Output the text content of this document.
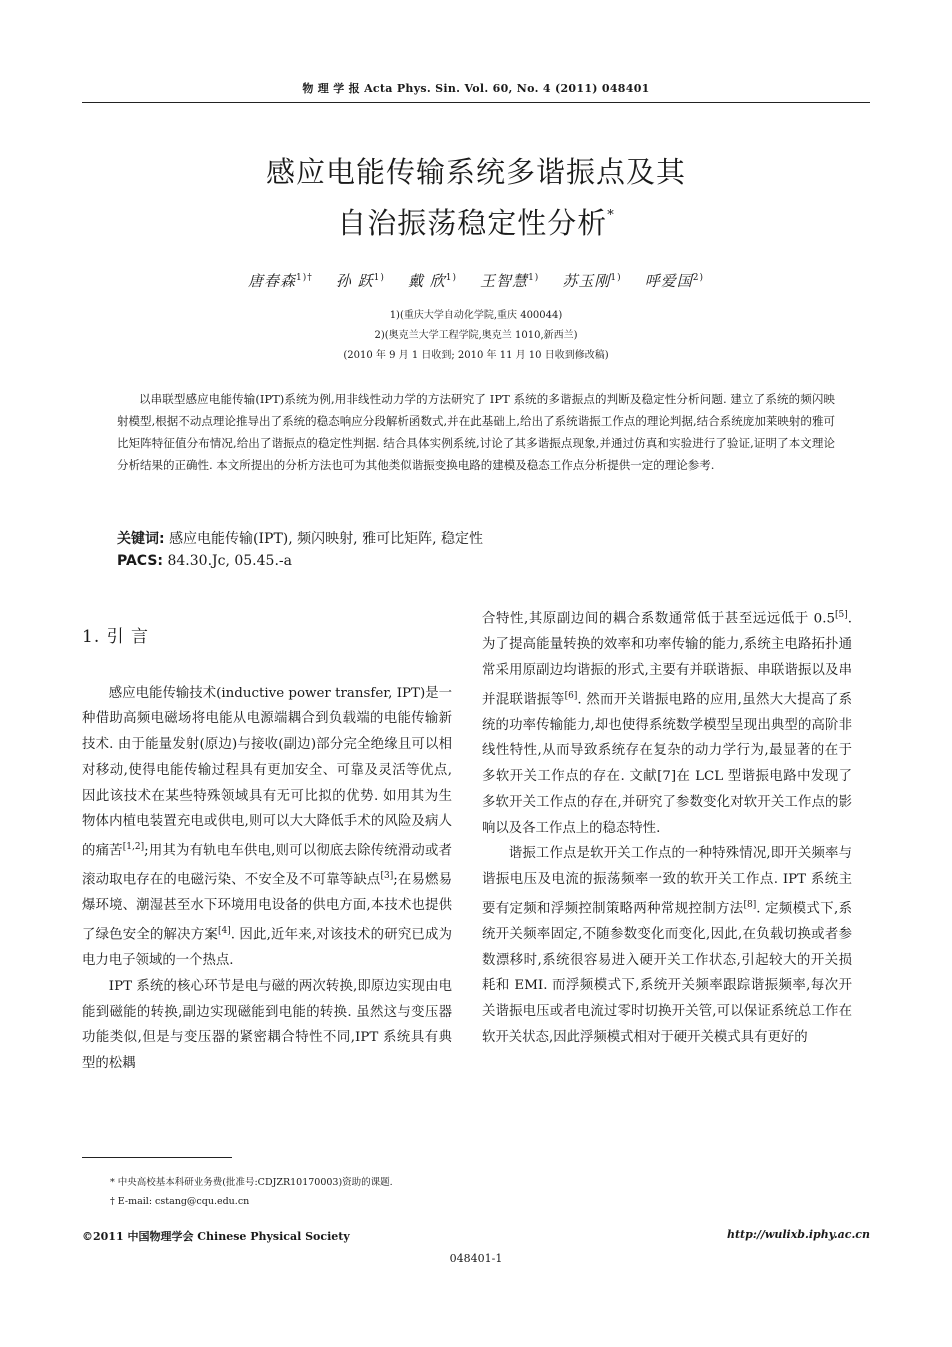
物 理 学 报 Acta Phys. Sin. Vol. 60, No. 4 (2011) 048401
感应电能传输系统多谐振点及其
自治振荡稳定性分析*
唐春森$^{1)\dagger}$ 孙 跃$^{1)}$ 戴 欣$^{1)}$ 王智慧$^{1)}$ 苏玉刚$^{1)}$ 呼爱国$^{2)}$
1)(重庆大学自动化学院,重庆 400044)
2)(奥克兰大学工程学院,奥克兰 1010,新西兰)
(2010 年 9 月 1 日收到; 2010 年 11 月 10 日收到修改稿)
以串联型感应电能传输(IPT)系统为例,用非线性动力学的方法研究了 IPT 系统的多谐振点的判断及稳定性分析问题. 建立了系统的频闪映射模型,根据不动点理论推导出了系统的稳态响应分段解析函数式,并在此基础上,给出了系统谐振工作点的理论判据,结合系统庞加莱映射的雅可比矩阵特征值分布情况,给出了谐振点的稳定性判据. 结合具体实例系统,讨论了其多谐振点现象,并通过仿真和实验进行了验证,证明了本文理论分析结果的正确性. 本文所提出的分析方法也可为其他类似谐振变换电路的建模及稳态工作点分析提供一定的理论参考.
关键词: 感应电能传输(IPT), 频闪映射, 雅可比矩阵, 稳定性
PACS: 84.30.Jc, 05.45.-a
1. 引 言

感应电能传输技术(inductive power transfer, IPT)是一种借助高频电磁场将电能从电源端耦合到负载端的电能传输新技术. 由于能量发射(原边)与接收(副边)部分完全绝缘且可以相对移动,使得电能传输过程具有更加安全、可靠及灵活等优点,因此该技术在某些特殊领域具有无可比拟的优势. 如用其为生物体内植电装置充电或供电,则可以大大降低手术的风险及病人的痛苦[1,2];用其为有轨电车供电,则可以彻底去除传统滑动或者滚动取电存在的电磁污染、不安全及不可靠等缺点[3];在易燃易爆环境、潮湿甚至水下环境用电设备的供电方面,本技术也提供了绿色安全的解决方案[4]. 因此,近年来,对该技术的研究已成为电力电子领域的一个热点.

IPT 系统的核心环节是电与磁的两次转换,即原边实现由电能到磁能的转换,副边实现磁能到电能的转换. 虽然这与变压器功能类似,但是与变压器的紧密耦合特性不同,IPT 系统具有典型的松耦

合特性,其原副边间的耦合系数通常低于甚至远远低于 0.5[5]. 为了提高能量转换的效率和功率传输的能力,系统主电路拓扑通常采用原副边均谐振的形式,主要有并联谐振、串联谐振以及串并混联谐振等[6]. 然而开关谐振电路的应用,虽然大大提高了系统的功率传输能力,却也使得系统数学模型呈现出典型的高阶非线性特性,从而导致系统存在复杂的动力学行为,最显著的在于多软开关工作点的存在. 文献[7]在 LCL 型谐振电路中发现了多软开关工作点的存在,并研究了参数变化对软开关工作点的影响以及各工作点上的稳态特性.

谐振工作点是软开关工作点的一种特殊情况,即开关频率与谐振电压及电流的振荡频率一致的软开关工作点. IPT 系统主要有定频和浮频控制策略两种常规控制方法[8]. 定频模式下,系统开关频率固定,不随参数变化而变化,因此,在负载切换或者参数漂移时,系统很容易进入硬开关工作状态,引起较大的开关损耗和 EMI. 而浮频模式下,系统开关频率跟踪谐振频率,每次开关谐振电压或者电流过零时切换开关管,可以保证系统总工作在软开关状态,因此浮频模式相对于硬开关模式具有更好的

* 中央高校基本科研业务费(批准号:CDJZR10170003)资助的课题.
† E-mail: cstang@cqu.edu.cn
©2011 中国物理学会 Chinese Physical Society	http://wulixb.iphy.ac.cn
048401-1
